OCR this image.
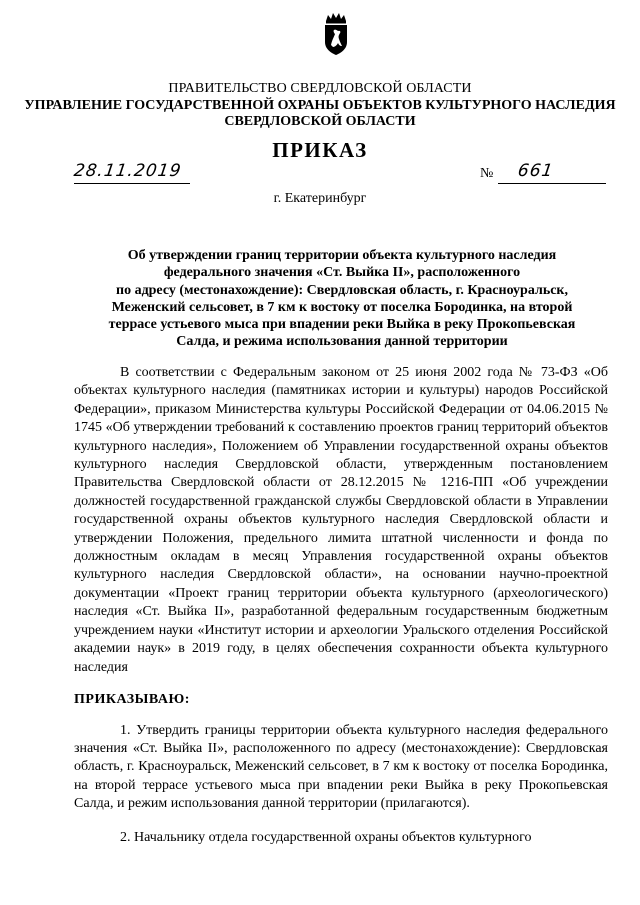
ПРАВИТЕЛЬСТВО СВЕРДЛОВСКОЙ ОБЛАСТИ
УПРАВЛЕНИЕ ГОСУДАРСТВЕННОЙ ОХРАНЫ ОБЪЕКТОВ КУЛЬТУРНОГО НАСЛЕДИЯ
СВЕРДЛОВСКОЙ ОБЛАСТИ
ПРИКАЗ
28.11.2019	№ 661
г. Екатеринбург
Об утверждении границ территории объекта культурного наследия
федерального значения «Ст. Выйка II», расположенного
по адресу (местонахождение): Свердловская область, г. Красноуральск,
Меженский сельсовет, в 7 км к востоку от поселка Бородинка, на второй
террасе устьевого мыса при впадении реки Выйка в реку Прокопьевская
Салда, и режима использования данной территории
В соответствии с Федеральным законом от 25 июня 2002 года № 73-ФЗ «Об объектах культурного наследия (памятниках истории и культуры) народов Российской Федерации», приказом Министерства культуры Российской Федерации от 04.06.2015 № 1745 «Об утверждении требований к составлению проектов границ территорий объектов культурного наследия», Положением об Управлении государственной охраны объектов культурного наследия Свердловской области, утвержденным постановлением Правительства Свердловской области от 28.12.2015 № 1216-ПП «Об учреждении должностей государственной гражданской службы Свердловской области в Управлении государственной охраны объектов культурного наследия Свердловской области и утверждении Положения, предельного лимита штатной численности и фонда по должностным окладам в месяц Управления государственной охраны объектов культурного наследия Свердловской области», на основании научно-проектной документации «Проект границ территории объекта культурного (археологического) наследия «Ст. Выйка II», разработанной федеральным государственным бюджетным учреждением науки «Институт истории и археологии Уральского отделения Российской академии наук» в 2019 году, в целях обеспечения сохранности объекта культурного наследия
ПРИКАЗЫВАЮ:
1. Утвердить границы территории объекта культурного наследия федерального значения «Ст. Выйка II», расположенного по адресу (местонахождение): Свердловская область, г. Красноуральск, Меженский сельсовет, в 7 км к востоку от поселка Бородинка, на второй террасе устьевого мыса при впадении реки Выйка в реку Прокопьевская Салда, и режим использования данной территории (прилагаются).
2. Начальнику отдела государственной охраны объектов культурного
